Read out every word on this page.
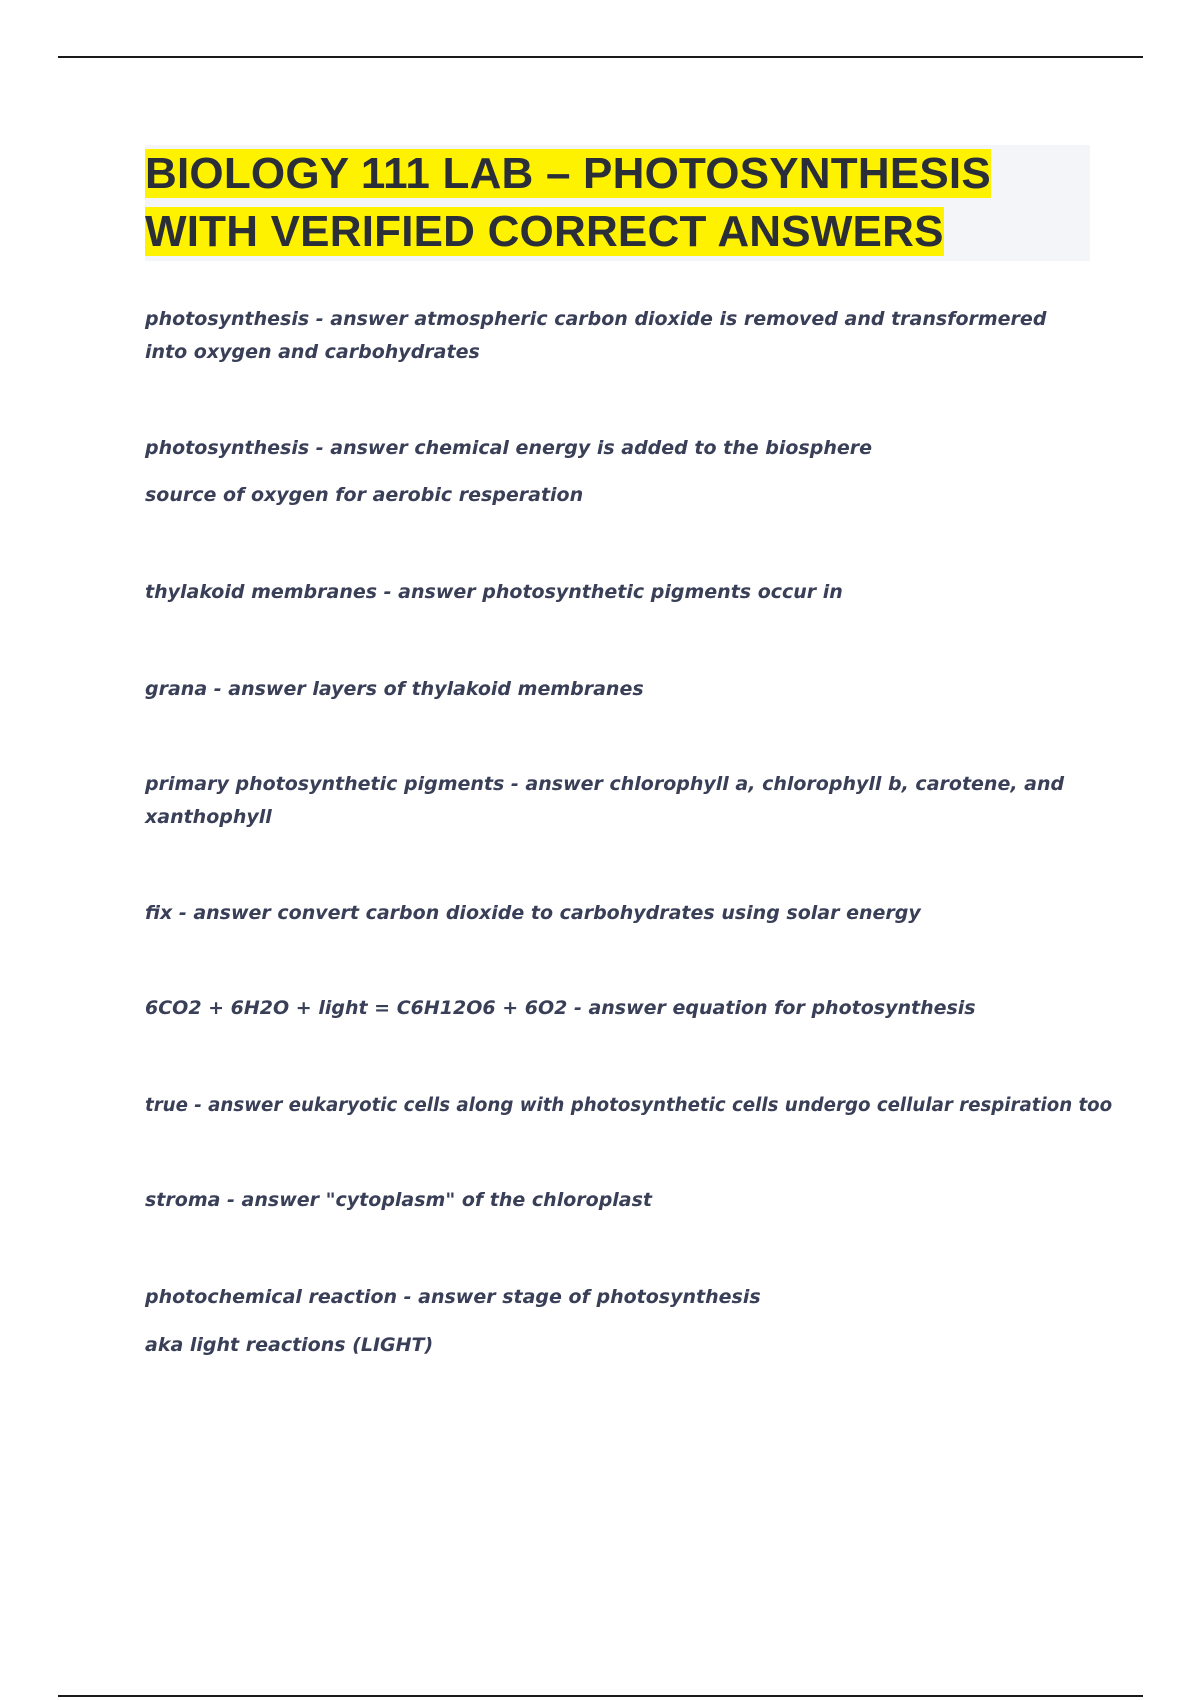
BIOLOGY 111 LAB – PHOTOSYNTHESIS
WITH VERIFIED CORRECT ANSWERS

photosynthesis - answer atmospheric carbon dioxide is removed and transformered into oxygen and carbohydrates

photosynthesis - answer chemical energy is added to the biosphere

source of oxygen for aerobic resperation

thylakoid membranes - answer photosynthetic pigments occur in

grana - answer layers of thylakoid membranes

primary photosynthetic pigments - answer chlorophyll a, chlorophyll b, carotene, and xanthophyll

fix - answer convert carbon dioxide to carbohydrates using solar energy

6CO2 + 6H2O + light = C6H12O6 + 6O2 - answer equation for photosynthesis

true - answer eukaryotic cells along with photosynthetic cells undergo cellular respiration too

stroma - answer "cytoplasm" of the chloroplast

photochemical reaction - answer stage of photosynthesis

aka light reactions (LIGHT)
